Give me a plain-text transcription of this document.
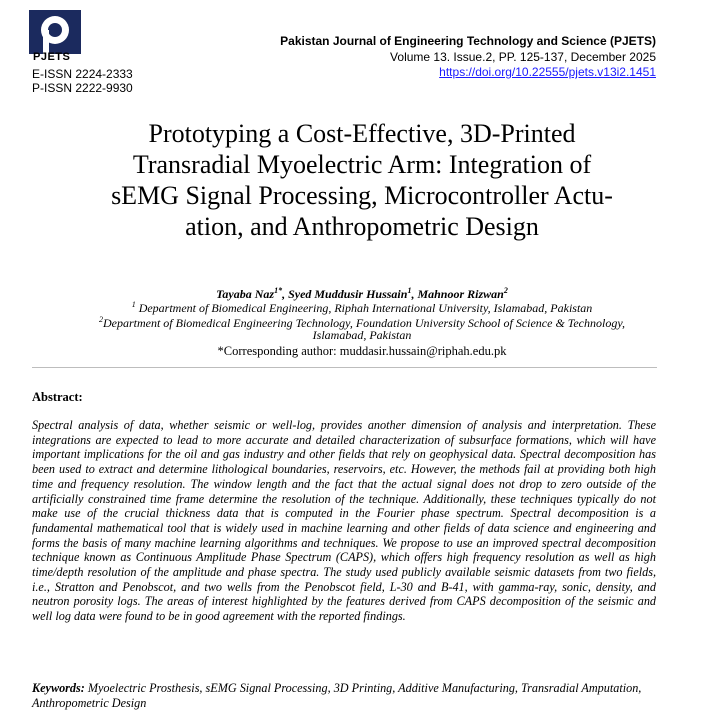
PJETS
E-ISSN 2224-2333
P-ISSN 2222-9930
Pakistan Journal of Engineering Technology and Science (PJETS)
Volume 13. Issue.2, PP. 125-137, December 2025
https://doi.org/10.22555/pjets.v13i2.1451
Prototyping a Cost-Effective, 3D-Printed
Transradial Myoelectric Arm: Integration of
sEMG Signal Processing, Microcontroller Actu-
ation, and Anthropometric Design
Tayaba Naz$^{1*}$, Syed Muddusir Hussain$^1$, Mahnoor Rizwan$^2$
$^1$ Department of Biomedical Engineering, Riphah International University, Islamabad, Pakistan
$^2$Department of Biomedical Engineering Technology, Foundation University School of Science & Technology,
Islamabad, Pakistan
*Corresponding author: muddasir.hussain@riphah.edu.pk
Abstract:
Spectral analysis of data, whether seismic or well-log, provides another dimension of analysis and interpretation. These integrations are expected to lead to more accurate and detailed characterization of subsurface formations, which will have important implications for the oil and gas industry and other fields that rely on geophysical data. Spectral decomposition has been used to extract and determine lithological boundaries, reservoirs, etc. However, the methods fail at providing both high time and frequency resolution. The window length and the fact that the actual signal does not drop to zero outside of the artificially constrained time frame determine the resolution of the technique. Additionally, these techniques typically do not make use of the crucial thickness data that is computed in the Fourier phase spectrum. Spectral decomposition is a fundamental mathematical tool that is widely used in machine learning and other fields of data science and engineering and forms the basis of many machine learning algorithms and techniques. We propose to use an improved spectral decomposition technique known as Continuous Amplitude Phase Spectrum (CAPS), which offers high frequency resolution as well as high time/depth resolution of the amplitude and phase spectra. The study used publicly available seismic datasets from two fields, i.e., Stratton and Penobscot, and two wells from the Penobscot field, L-30 and B-41, with gamma-ray, sonic, density, and neutron porosity logs. The areas of interest highlighted by the features derived from CAPS decomposition of the seismic and well log data were found to be in good agreement with the reported findings.
Keywords: Myoelectric Prosthesis, sEMG Signal Processing, 3D Printing, Additive Manufacturing, Transradial Amputation, Anthropometric Design
